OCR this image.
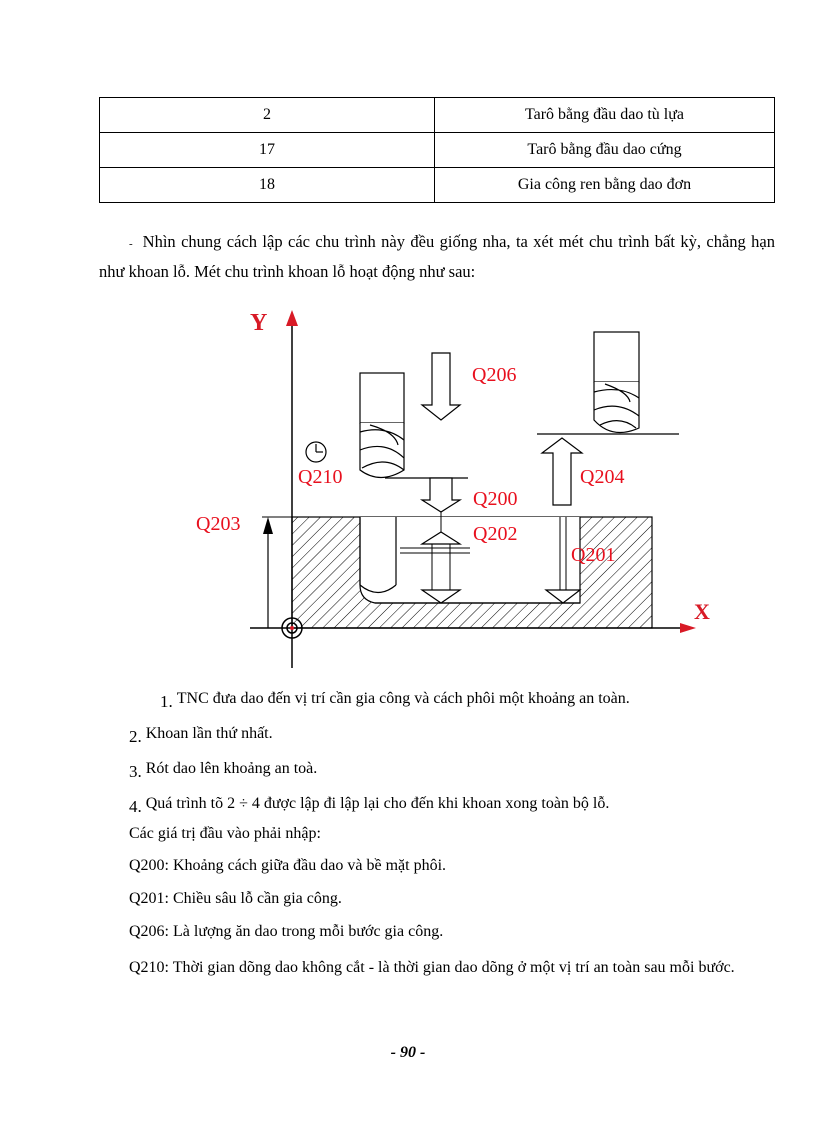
2	Tarô bằng đầu dao tù lựa
17	Tarô bằng đầu dao cứng
18	Gia công ren bằng dao đơn
- Nhìn chung cách lập các chu trình này đều giống nha, ta xét mét chu trình bất kỳ, chẳng hạn như khoan lỗ. Mét chu trình khoan lỗ hoạt động như sau:
Y
X
Q206
Q210
Q200
Q204
Q203	Q202
Q201
1. TNC đưa dao đến vị trí cần gia công và cách phôi một khoảng an toàn.
2. Khoan lần thứ nhất.
3. Rót dao lên khoảng an toà.
4. Quá trình tõ 2 ÷ 4 được lập đi lập lại cho đến khi khoan xong toàn bộ lỗ.
Các giá trị đầu vào phải nhập:
Q200: Khoảng cách giữa đầu dao và bề mặt phôi.
Q201: Chiều sâu lỗ cần gia công.
Q206: Là lượng ăn dao trong mỗi bước gia công.
Q210: Thời gian dõng dao không cắt - là thời gian dao dõng ở một vị trí an toàn sau mỗi bước.
- 90 -
